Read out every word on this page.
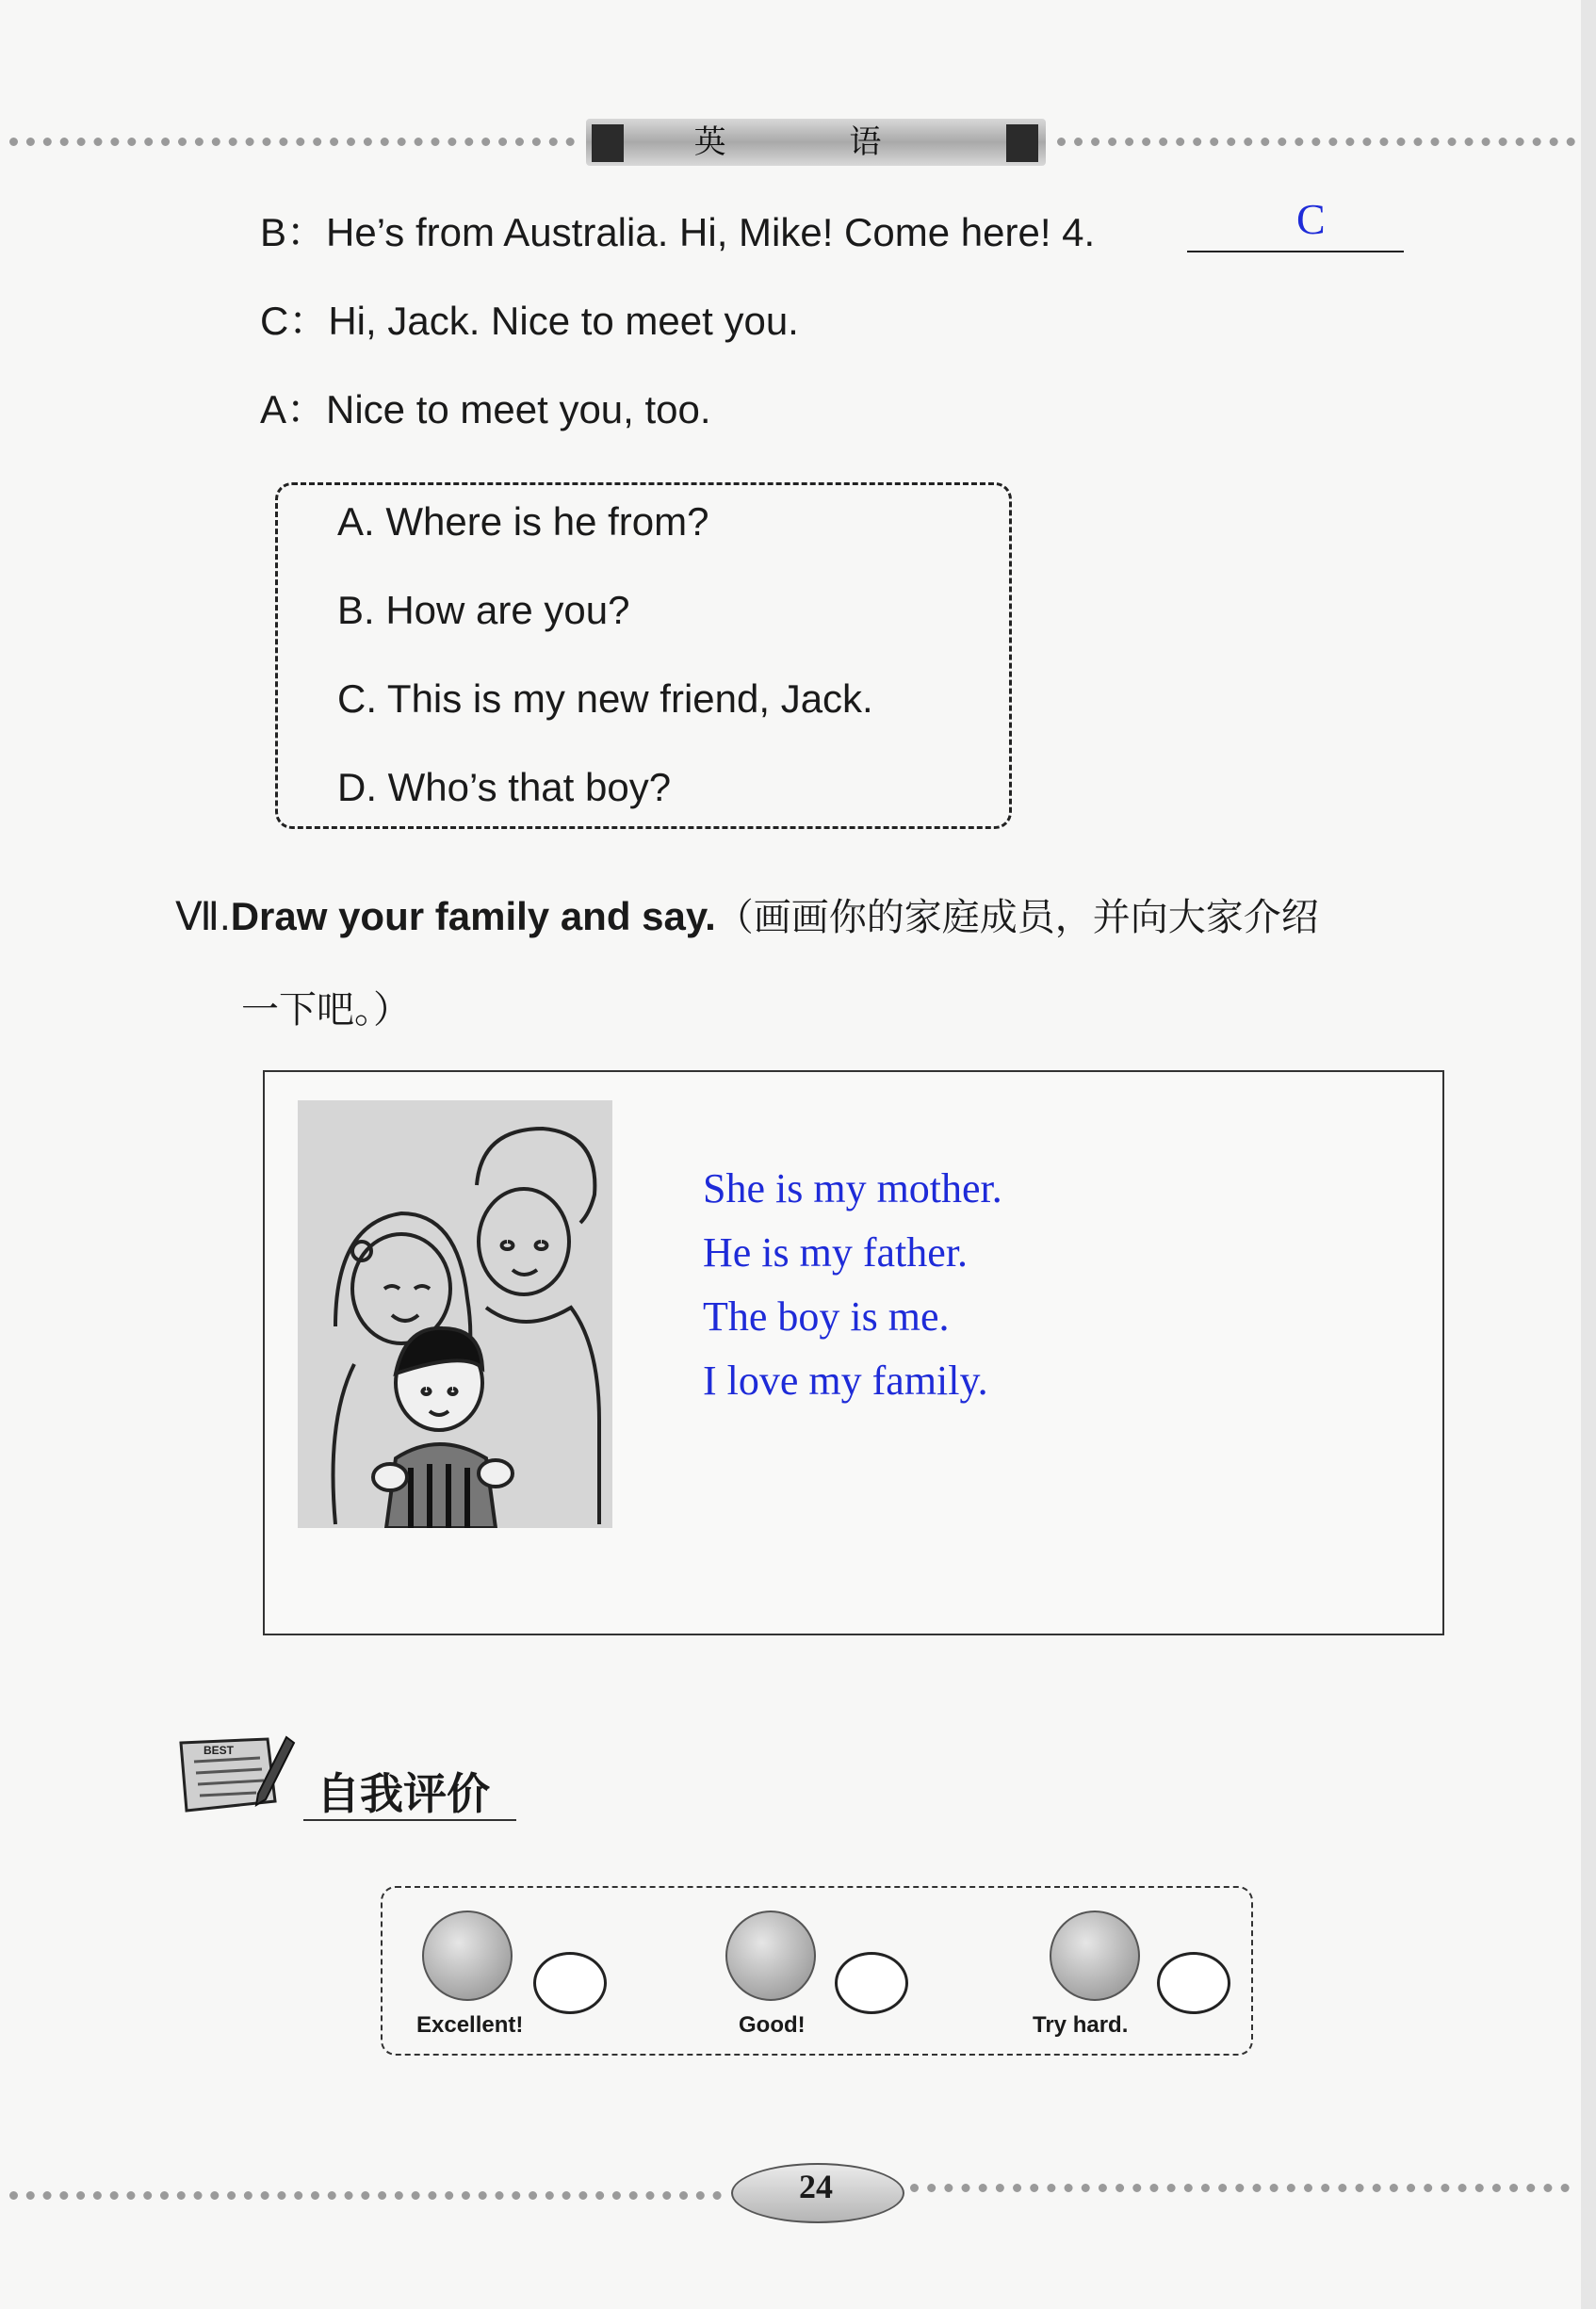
英 语
B：He’s from Australia. Hi, Mike! Come here! 4.	C
C：Hi, Jack. Nice to meet you.
A：Nice to meet you, too.
A. Where is he from?
B. How are you?
C. This is my new friend, Jack.
D. Who’s that boy?
Ⅶ.Draw your family and say.（画画你的家庭成员，并向大家介绍
一下吧。）
She is my mother.
He is my father.
The boy is me.
I love my family.
BEST
自我评价
Excellent!	Good!	Try hard.
24
